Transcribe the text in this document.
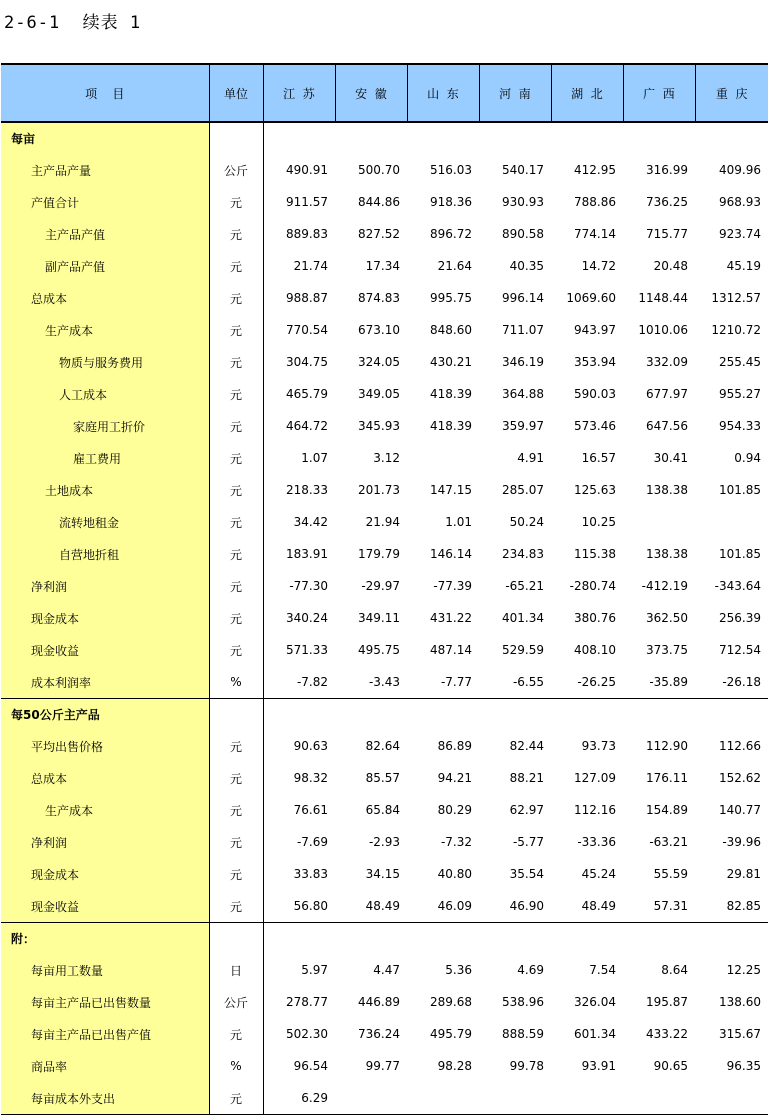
2-6-1  续表 1
项    目	单位	江  苏	安  徽	山  东	河  南	湖  北	广  西	重  庆
每亩								
主产品产量	公斤	490.91	500.70	516.03	540.17	412.95	316.99	409.96
产值合计	元	911.57	844.86	918.36	930.93	788.86	736.25	968.93
主产品产值	元	889.83	827.52	896.72	890.58	774.14	715.77	923.74
副产品产值	元	21.74	17.34	21.64	40.35	14.72	20.48	45.19
总成本	元	988.87	874.83	995.75	996.14	1069.60	1148.44	1312.57
生产成本	元	770.54	673.10	848.60	711.07	943.97	1010.06	1210.72
物质与服务费用	元	304.75	324.05	430.21	346.19	353.94	332.09	255.45
人工成本	元	465.79	349.05	418.39	364.88	590.03	677.97	955.27
家庭用工折价	元	464.72	345.93	418.39	359.97	573.46	647.56	954.33
雇工费用	元	1.07	3.12		4.91	16.57	30.41	0.94
土地成本	元	218.33	201.73	147.15	285.07	125.63	138.38	101.85
流转地租金	元	34.42	21.94	1.01	50.24	10.25		
自营地折租	元	183.91	179.79	146.14	234.83	115.38	138.38	101.85
净利润	元	-77.30	-29.97	-77.39	-65.21	-280.74	-412.19	-343.64
现金成本	元	340.24	349.11	431.22	401.34	380.76	362.50	256.39
现金收益	元	571.33	495.75	487.14	529.59	408.10	373.75	712.54
成本利润率	%	-7.82	-3.43	-7.77	-6.55	-26.25	-35.89	-26.18
每50公斤主产品								
平均出售价格	元	90.63	82.64	86.89	82.44	93.73	112.90	112.66
总成本	元	98.32	85.57	94.21	88.21	127.09	176.11	152.62
生产成本	元	76.61	65.84	80.29	62.97	112.16	154.89	140.77
净利润	元	-7.69	-2.93	-7.32	-5.77	-33.36	-63.21	-39.96
现金成本	元	33.83	34.15	40.80	35.54	45.24	55.59	29.81
现金收益	元	56.80	48.49	46.09	46.90	48.49	57.31	82.85
附：								
每亩用工数量	日	5.97	4.47	5.36	4.69	7.54	8.64	12.25
每亩主产品已出售数量	公斤	278.77	446.89	289.68	538.96	326.04	195.87	138.60
每亩主产品已出售产值	元	502.30	736.24	495.79	888.59	601.34	433.22	315.67
商品率	%	96.54	99.77	98.28	99.78	93.91	90.65	96.35
每亩成本外支出	元	6.29						
